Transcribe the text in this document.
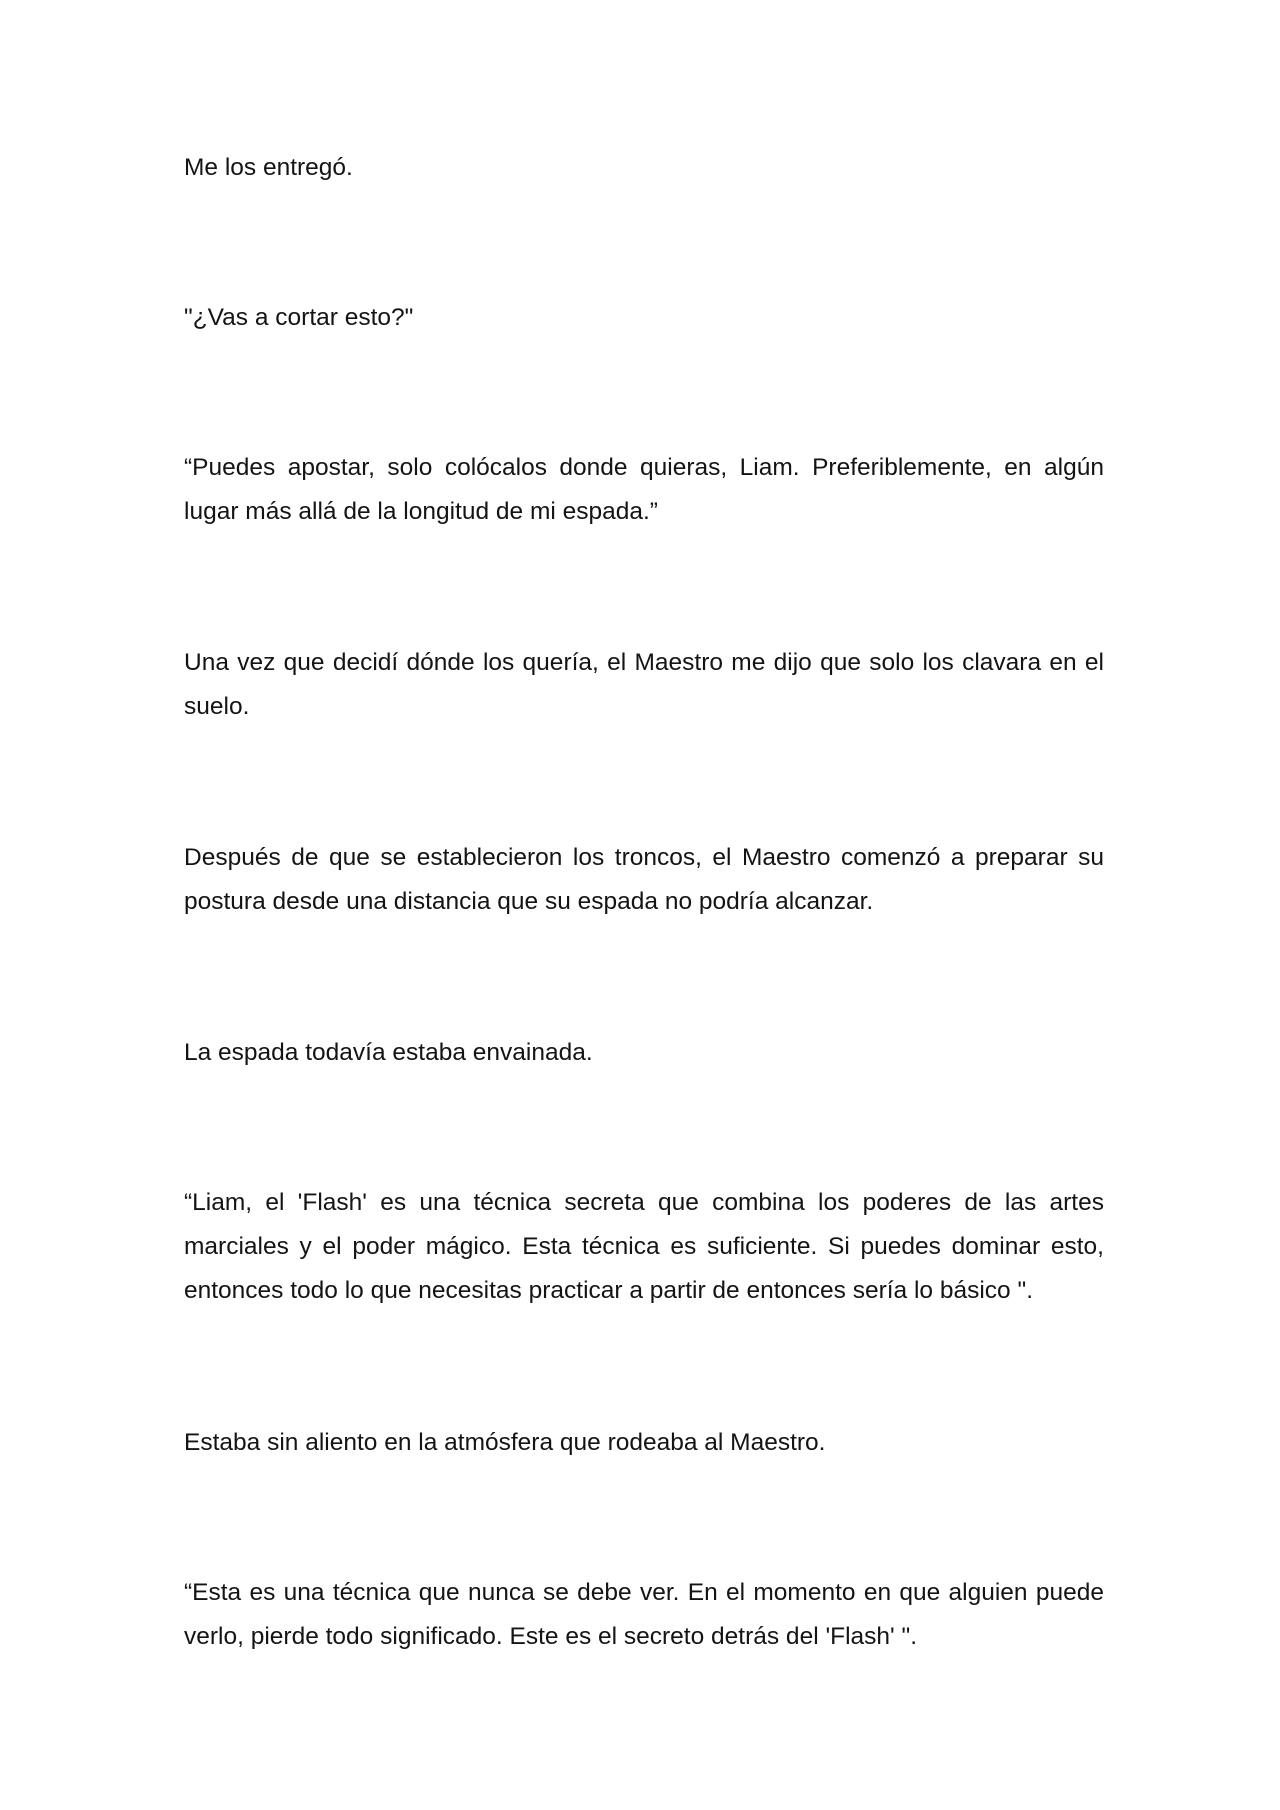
Me los entregó.

"¿Vas a cortar esto?"

“Puedes apostar, solo colócalos donde quieras, Liam. Preferiblemente, en algún lugar más allá de la longitud de mi espada.”

Una vez que decidí dónde los quería, el Maestro me dijo que solo los clavara en el suelo.

Después de que se establecieron los troncos, el Maestro comenzó a preparar su postura desde una distancia que su espada no podría alcanzar.

La espada todavía estaba envainada.

“Liam, el 'Flash' es una técnica secreta que combina los poderes de las artes marciales y el poder mágico. Esta técnica es suficiente. Si puedes dominar esto, entonces todo lo que necesitas practicar a partir de entonces sería lo básico ".

Estaba sin aliento en la atmósfera que rodeaba al Maestro.

“Esta es una técnica que nunca se debe ver. En el momento en que alguien puede verlo, pierde todo significado. Este es el secreto detrás del 'Flash' ".
